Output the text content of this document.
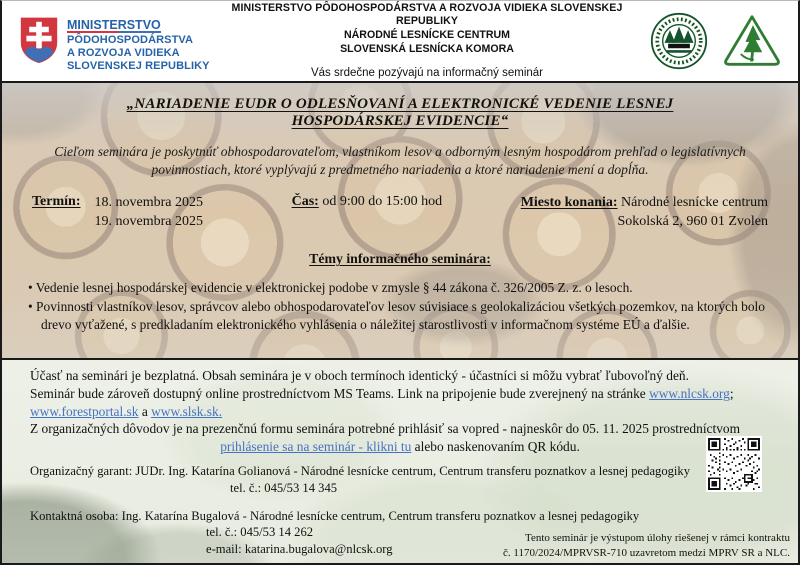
MINISTERSTVO
PÔDOHOSPODÁRSTVA
A ROZVOJA VIDIEKA
SLOVENSKEJ REPUBLIKY
MINISTERSTVO PÔDOHOSPODÁRSTVA A ROZVOJA VIDIEKA SLOVENSKEJ REPUBLIKY
NÁRODNÉ LESNÍCKE CENTRUM
SLOVENSKÁ LESNÍCKA KOMORA
Vás srdečne pozývajú na informačný seminár
„NARIADENIE EUDR O ODLESŇOVANÍ A ELEKTRONICKÉ VEDENIE LESNEJ
HOSPODÁRSKEJ EVIDENCIE“

Cieľom seminára je poskytnúť obhospodarovateľom, vlastníkom lesov a odborným lesným hospodárom prehľad o legislatívnych povinnostiach, ktoré vyplývajú z predmetného nariadenia a ktoré nariadenie mení a dopĺňa.

Termín: 18. novembra 2025
19. novembra 2025
Čas: od 9:00 do 15:00 hod	Miesto konania: Národné lesnícke centrum
Sokolská 2, 960 01 Zvolen
Témy informačného seminára:
• Vedenie lesnej hospodárskej evidencie v elektronickej podobe v zmysle § 44 zákona č. 326/2005 Z. z. o lesoch.
• Povinnosti vlastníkov lesov, správcov alebo obhospodarovateľov lesov súvisiace s geolokalizáciou všetkých pozemkov, na ktorých bolo drevo vyťažené, s predkladaním elektronického vyhlásenia o náležitej starostlivosti v informačnom systéme EÚ a ďalšie.

Účasť na seminári je bezplatná. Obsah seminára je v oboch termínoch identický - účastníci si môžu vybrať ľubovoľný deň.

Seminár bude zároveň dostupný online prostredníctvom MS Teams. Link na pripojenie bude zverejnený na stránke www.nlcsk.org; www.forestportal.sk a www.slsk.sk.

Z organizačných dôvodov je na prezenčnú formu seminára potrebné prihlásiť sa vopred - najneskôr do 05. 11. 2025 prostredníctvom

prihlásenie sa na seminár - klikni tu alebo naskenovaním QR kódu.

Organizačný garant: JUDr. Ing. Katarína Golianová - Národné lesnícke centrum, Centrum transferu poznatkov a lesnej pedagogiky

tel. č.: 045/53 14 345

Kontaktná osoba: Ing. Katarína Bugalová - Národné lesnícke centrum, Centrum transferu poznatkov a lesnej pedagogiky

tel. č.: 045/53 14 262

e-mail: katarina.bugalova@nlcsk.org

Tento seminár je výstupom úlohy riešenej v rámci kontraktu
č. 1170/2024/MPRVSR-710 uzavretom medzi MPRV SR a NLC.
